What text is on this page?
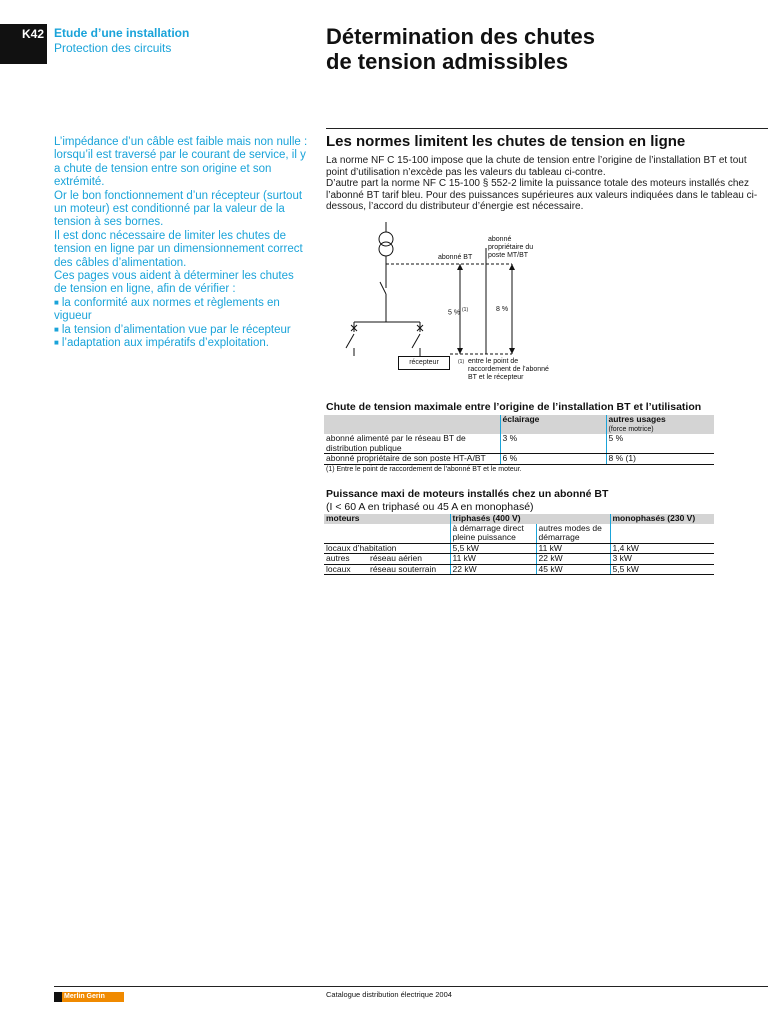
K42 Etude d’une installation
Protection des circuits	Détermination des chutes
de tension admissibles

L’impédance d’un câble est faible mais non nulle : lorsqu’il est traversé par le courant de service, il y a chute de tension entre son origine et son extrémité.

Or le bon fonctionnement d’un récepteur (surtout un moteur) est conditionné par la valeur de la tension à ses bornes.

Il est donc nécessaire de limiter les chutes de tension en ligne par un dimensionnement correct des câbles d’alimentation.

Ces pages vous aident à déterminer les chutes de tension en ligne, afin de vérifier :

■ la conformité aux normes et règlements en vigueur

■ la tension d’alimentation vue par le récepteur

■ l’adaptation aux impératifs d’exploitation.

Les normes limitent les chutes de tension en ligne

La norme NF C 15-100 impose que la chute de tension entre l’origine de l’installation BT et tout point d’utilisation n’excède pas les valeurs du tableau ci-contre.

D’autre part la norme NF C 15-100 § 552-2 limite la puissance totale des moteurs installés chez l’abonné BT tarif bleu. Pour des puissances supérieures aux valeurs indiquées dans le tableau ci-dessous, l’accord du distributeur d’énergie est nécessaire.

abonné BT
abonné propriétaire du poste MT/BT
5 % $^{(1)}$	8 %
récepteur	$^{(1)}$ entre le point de raccordement de l’abonné BT et le récepteur
Chute de tension maximale entre l’origine de l’installation BT et l’utilisation
	éclairage	autres usages
(force motrice)

abonné alimenté par le réseau BT de distribution publique	3 %	5 %
abonné propriétaire de son poste HT-A/BT	6 %	8 % (1)
(1) Entre le point de raccordement de l’abonné BT et le moteur.
Puissance maxi de moteurs installés chez un abonné BT
(I < 60 A en triphasé ou 45 A en monophasé)
moteurs		triphasés (400 V)		monophasés (230 V)
		à démarrage direct pleine puissance	autres modes de démarrage	
locaux d’habitation		5,5 kW	11 kW	1,4 kW
autres	réseau aérien	11 kW	22 kW	3 kW
locaux	réseau souterrain	22 kW	45 kW	5,5 kW
Merlin Gerin	Catalogue distribution électrique 2004
